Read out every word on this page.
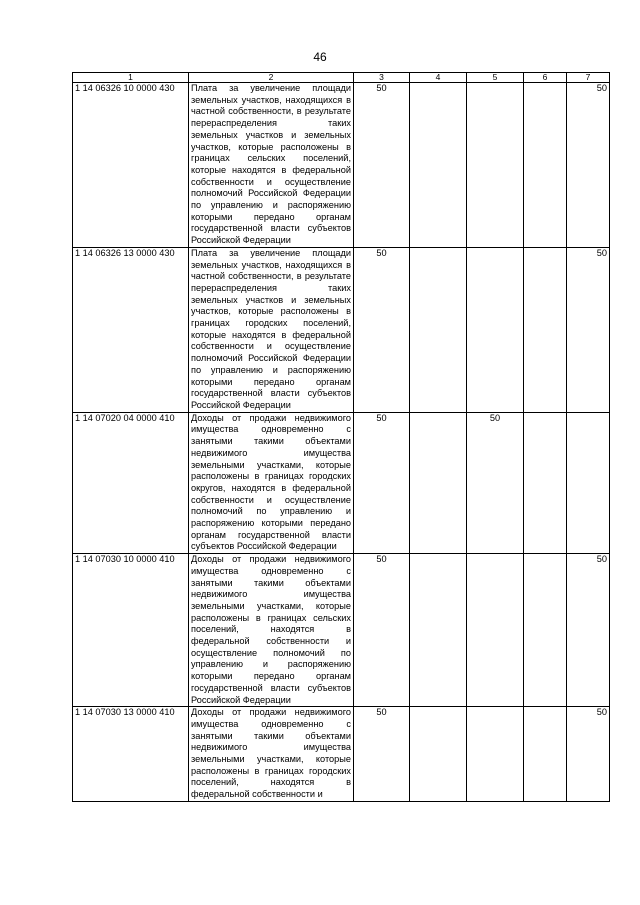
46
1	2	3	4	5	6	7
1 14 06326 10 0000 430	Плата за увеличение площади земельных участков, находящихся в частной собственности, в результате перераспределения таких земельных участков и земельных участков, которые расположены в границах сельских поселений, которые находятся в федеральной собственности и осуществление полномочий Российской Федерации по управлению и распоряжению которыми передано органам государственной власти субъектов Российской Федерации	50				50
1 14 06326 13 0000 430	Плата за увеличение площади земельных участков, находящихся в частной собственности, в результате перераспределения таких земельных участков и земельных участков, которые расположены в границах городских поселений, которые находятся в федеральной собственности и осуществление полномочий Российской Федерации по управлению и распоряжению которыми передано органам государственной власти субъектов Российской Федерации	50				50
1 14 07020 04 0000 410	Доходы от продажи недвижимого имущества одновременно с занятыми такими объектами недвижимого имущества земельными участками, которые расположены в границах городских округов, находятся в федеральной собственности и осуществление полномочий по управлению и распоряжению которыми передано органам государственной власти субъектов Российской Федерации	50		50		
1 14 07030 10 0000 410	Доходы от продажи недвижимого имущества одновременно с занятыми такими объектами недвижимого имущества земельными участками, которые расположены в границах сельских поселений, находятся в федеральной собственности и осуществление полномочий по управлению и распоряжению которыми передано органам государственной власти субъектов Российской Федерации	50				50
1 14 07030 13 0000 410	Доходы от продажи недвижимого имущества одновременно с занятыми такими объектами недвижимого имущества земельными участками, которые расположены в границах городских поселений, находятся в федеральной собственности и	50				50
